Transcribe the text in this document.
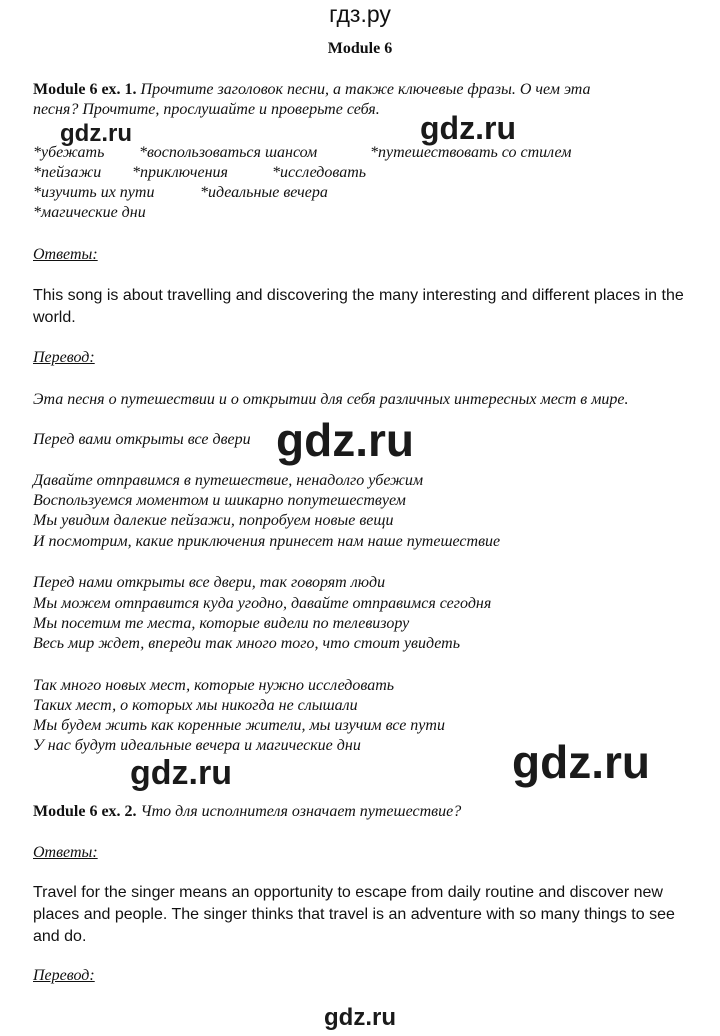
гдз.ру
Module 6
Module 6 ex. 1. Прочтите заголовок песни, а также ключевые фразы. О чем эта
песня? Прочтите, прослушайте и проверьте себя.
gdz.ru	gdz.ru
*убежать *воспользоваться шансом	*путешествовать со стилем
*пейзажи *приключения	*исследовать
*изучить их пути	*идеальные вечера
*магические дни
Ответы:
This song is about travelling and discovering the many interesting and different places in the
world.
Перевод:
Эта песня о путешествии и о открытии для себя различных интересных мест в мире.
Перед вами открыты все двери gdz.ru
Давайте отправимся в путешествие, ненадолго убежим
Воспользуемся моментом и шикарно попутешествуем
Мы увидим далекие пейзажи, попробуем новые вещи
И посмотрим, какие приключения принесет нам наше путешествие
Перед нами открыты все двери, так говорят люди
Мы можем отправится куда угодно, давайте отправимся сегодня
Мы посетим те места, которые видели по телевизору
Весь мир ждет, впереди так много того, что стоит увидеть
Так много новых мест, которые нужно исследовать
Таких мест, о которых мы никогда не слышали
Мы будем жить как коренные жители, мы изучим все пути
У нас будут идеальные вечера и магические дни
gdz.ru	gdz.ru
Module 6 ex. 2. Что для исполнителя означает путешествие?
Ответы:
Travel for the singer means an opportunity to escape from daily routine and discover new
places and people. The singer thinks that travel is an adventure with so many things to see
and do.
Перевод:
gdz.ru
